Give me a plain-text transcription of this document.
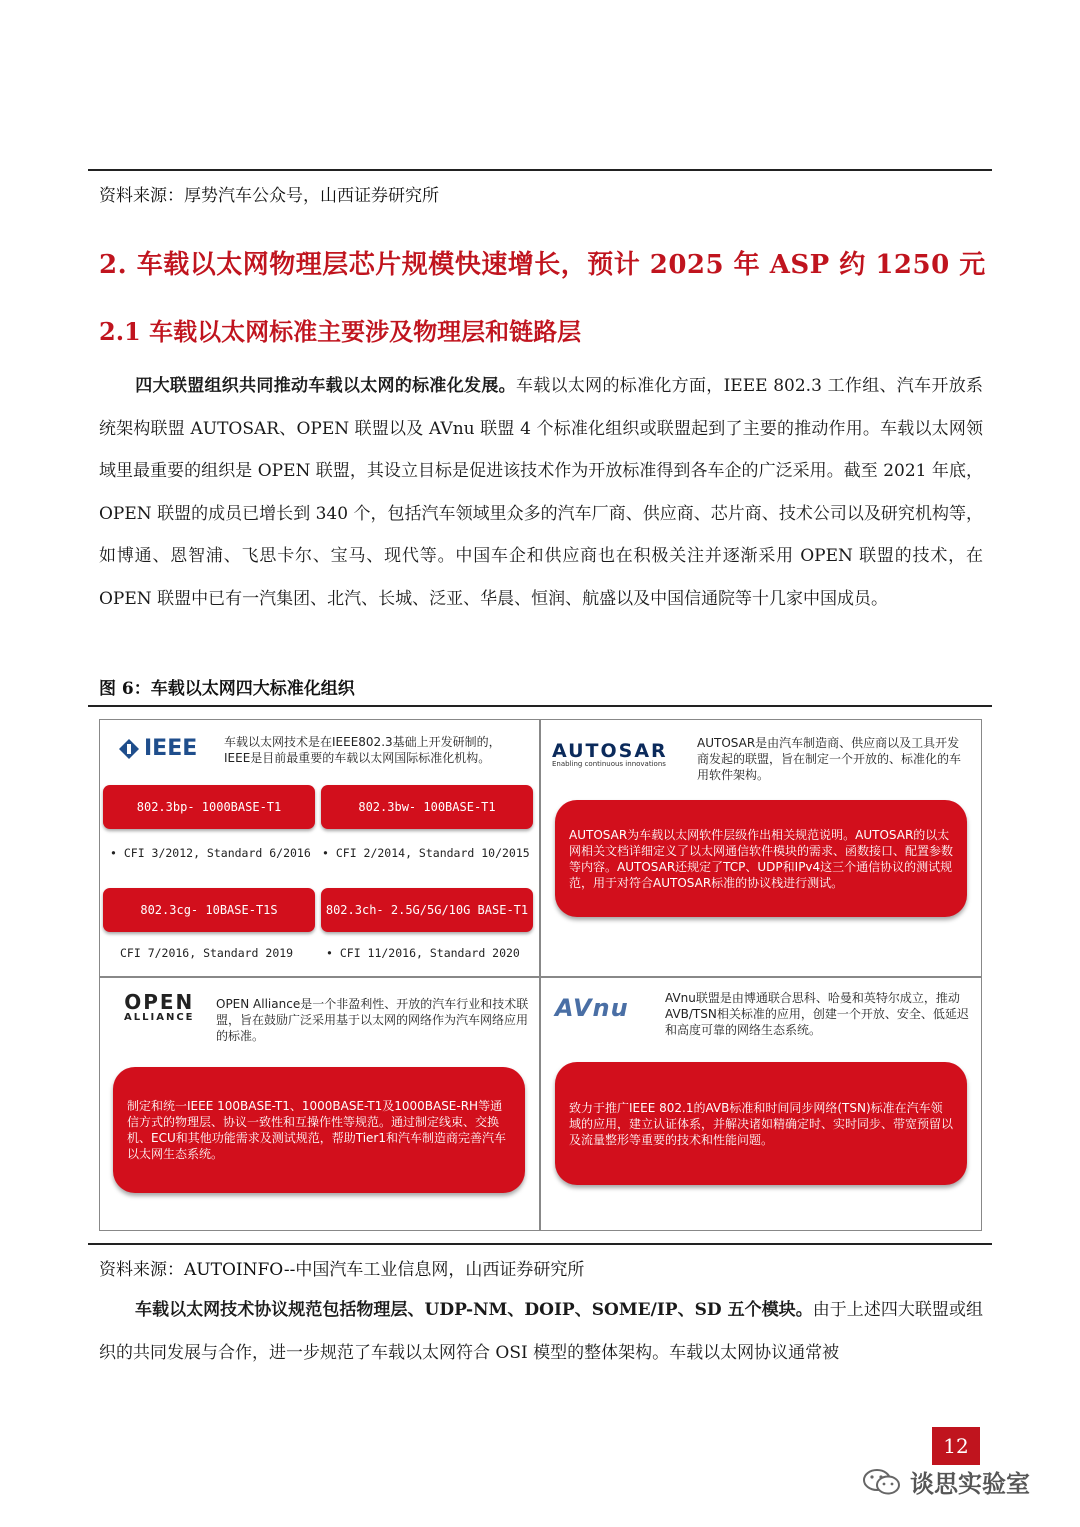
资料来源：厚势汽车公众号，山西证券研究所
2. 车载以太网物理层芯片规模快速增长，预计 2025 年 ASP 约 1250 元
2.1 车载以太网标准主要涉及物理层和链路层

四大联盟组织共同推动车载以太网的标准化发展。车载以太网的标准化方面，IEEE 802.3 工作组、汽车开放系统架构联盟 AUTOSAR、OPEN 联盟以及 AVnu 联盟 4 个标准化组织或联盟起到了主要的推动作用。车载以太网领域里最重要的组织是 OPEN 联盟，其设立目标是促进该技术作为开放标准得到各车企的广泛采用。截至 2021 年底，OPEN 联盟的成员已增长到 340 个，包括汽车领域里众多的汽车厂商、供应商、芯片商、技术公司以及研究机构等，如博通、恩智浦、飞思卡尔、宝马、现代等。中国车企和供应商也在积极关注并逐渐采用 OPEN 联盟的技术，在 OPEN 联盟中已有一汽集团、北汽、长城、泛亚、华晨、恒润、航盛以及中国信通院等十几家中国成员。

图 6：车载以太网四大标准化组织
IEEE 车载以太网技术是在IEEE802.3基础上开发研制的，IEEE是目前最重要的车载以太网国际标准化机构。
802.3bp- 1000BASE-T1	802.3bw- 100BASE-T1
• CFI 3/2012, Standard 6/2016 • CFI 2/2014, Standard 10/2015
802.3cg- 10BASE-T1S	802.3ch- 2.5G/5G/10G BASE-T1
CFI 7/2016, Standard 2019	• CFI 11/2016, Standard 2020
AUTOSAR
Enabling continuous innovations
AUTOSAR是由汽车制造商、供应商以及工具开发商发起的联盟，旨在制定一个开放的、标准化的车用软件架构。
AUTOSAR为车载以太网软件层级作出相关规范说明。AUTOSAR的以太网相关文档详细定义了以太网通信软件模块的需求、函数接口、配置参数等内容。AUTOSAR还规定了TCP、UDP和IPv4这三个通信协议的测试规范，用于对符合AUTOSAR标准的协议栈进行测试。
OPEN
ALLIANCE
OPEN Alliance是一个非盈利性、开放的汽车行业和技术联盟，旨在鼓励广泛采用基于以太网的网络作为汽车网络应用的标准。
制定和统一IEEE 100BASE-T1、1000BASE-T1及1000BASE-RH等通信方式的物理层、协议一致性和互操作性等规范。通过制定线束、交换机、ECU和其他功能需求及测试规范，帮助Tier1和汽车制造商完善汽车以太网生态系统。
AVnu	AVnu联盟是由博通联合思科、哈曼和英特尔成立，推动AVB/TSN相关标准的应用，创建一个开放、安全、低延迟和高度可靠的网络生态系统。
致力于推广IEEE 802.1的AVB标准和时间同步网络(TSN)标准在汽车领域的应用，建立认证体系，并解决诸如精确定时、实时同步、带宽预留以及流量整形等重要的技术和性能问题。
资料来源：AUTOINFO--中国汽车工业信息网，山西证券研究所

车载以太网技术协议规范包括物理层、UDP-NM、DOIP、SOME/IP、SD 五个模块。由于上述四大联盟或组织的共同发展与合作，进一步规范了车载以太网符合 OSI 模型的整体架构。车载以太网协议通常被

12
谈思实验室
